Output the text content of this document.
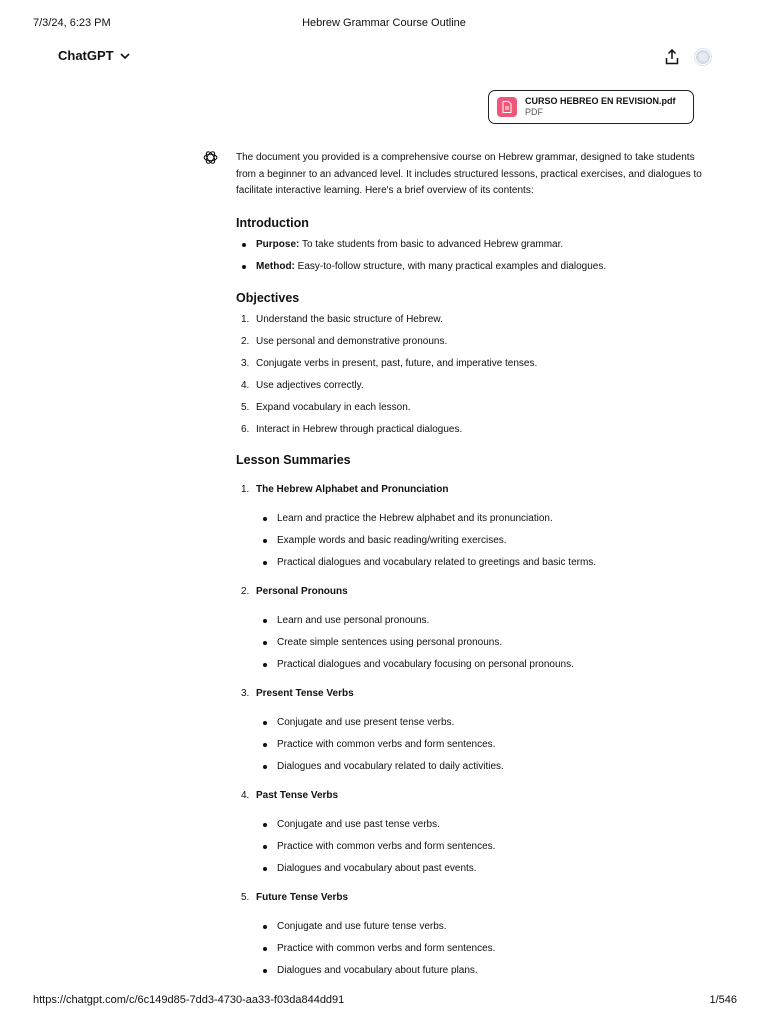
7/3/24, 6:23 PM	Hebrew Grammar Course Outline
ChatGPT
CURSO HEBREO EN REVISION.pdf
PDF

The document you provided is a comprehensive course on Hebrew grammar, designed to take students from a beginner to an advanced level. It includes structured lessons, practical exercises, and dialogues to facilitate interactive learning. Here's a brief overview of its contents:

Introduction
Purpose: To take students from basic to advanced Hebrew grammar.
Method: Easy-to-follow structure, with many practical examples and dialogues.
Objectives
1. Understand the basic structure of Hebrew.
2. Use personal and demonstrative pronouns.
3. Conjugate verbs in present, past, future, and imperative tenses.
4. Use adjectives correctly.
5. Expand vocabulary in each lesson.
6. Interact in Hebrew through practical dialogues.
Lesson Summaries
1. The Hebrew Alphabet and Pronunciation
Learn and practice the Hebrew alphabet and its pronunciation.
Example words and basic reading/writing exercises.
Practical dialogues and vocabulary related to greetings and basic terms.
2. Personal Pronouns
Learn and use personal pronouns.
Create simple sentences using personal pronouns.
Practical dialogues and vocabulary focusing on personal pronouns.
3. Present Tense Verbs
Conjugate and use present tense verbs.
Practice with common verbs and form sentences.
Dialogues and vocabulary related to daily activities.
4. Past Tense Verbs
Conjugate and use past tense verbs.
Practice with common verbs and form sentences.
Dialogues and vocabulary about past events.
5. Future Tense Verbs
Conjugate and use future tense verbs.
Practice with common verbs and form sentences.
Dialogues and vocabulary about future plans.
https://chatgpt.com/c/6c149d85-7dd3-4730-aa33-f03da844dd91	1/546
